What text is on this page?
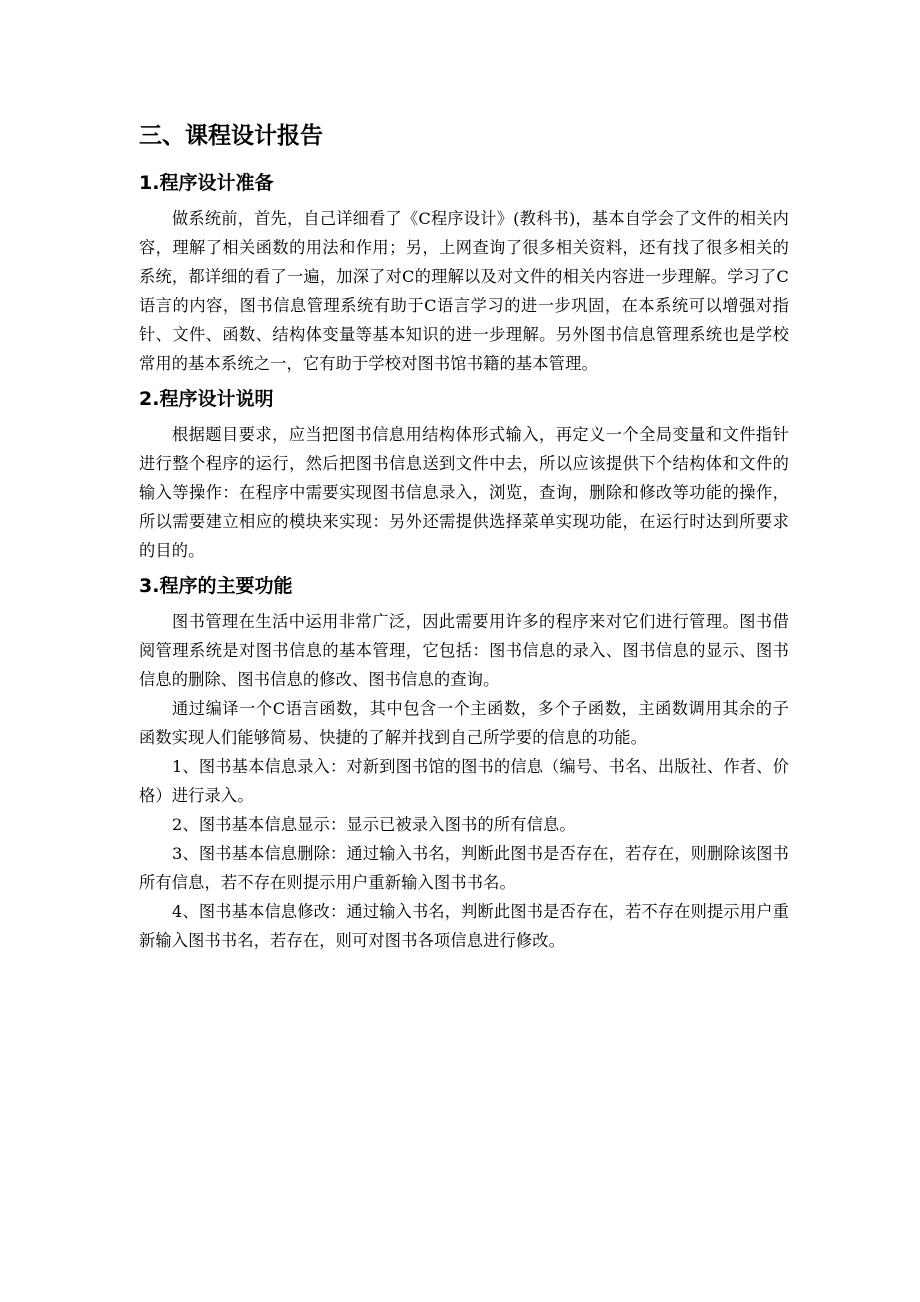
三、课程设计报告
1.程序设计准备

做系统前，首先，自己详细看了《C程序设计》(教科书)，基本自学会了文件的相关内容，理解了相关函数的用法和作用；另，上网查询了很多相关资料，还有找了很多相关的系统，都详细的看了一遍，加深了对C的理解以及对文件的相关内容进一步理解。学习了C语言的内容，图书信息管理系统有助于C语言学习的进一步巩固，在本系统可以增强对指针、文件、函数、结构体变量等基本知识的进一步理解。另外图书信息管理系统也是学校常用的基本系统之一，它有助于学校对图书馆书籍的基本管理。

2.程序设计说明

根据题目要求，应当把图书信息用结构体形式输入，再定义一个全局变量和文件指针进行整个程序的运行，然后把图书信息送到文件中去，所以应该提供下个结构体和文件的输入等操作：在程序中需要实现图书信息录入，浏览，查询，删除和修改等功能的操作，所以需要建立相应的模块来实现：另外还需提供选择菜单实现功能，在运行时达到所要求的目的。

3.程序的主要功能

图书管理在生活中运用非常广泛，因此需要用许多的程序来对它们进行管理。图书借阅管理系统是对图书信息的基本管理，它包括：图书信息的录入、图书信息的显示、图书信息的删除、图书信息的修改、图书信息的查询。

通过编译一个C语言函数，其中包含一个主函数，多个子函数，主函数调用其余的子函数实现人们能够简易、快捷的了解并找到自己所学要的信息的功能。

1、图书基本信息录入：对新到图书馆的图书的信息（编号、书名、出版社、作者、价格）进行录入。

2、图书基本信息显示：显示已被录入图书的所有信息。

3、图书基本信息删除：通过输入书名，判断此图书是否存在，若存在，则删除该图书所有信息，若不存在则提示用户重新输入图书书名。

4、图书基本信息修改：通过输入书名，判断此图书是否存在，若不存在则提示用户重新输入图书书名，若存在，则可对图书各项信息进行修改。
